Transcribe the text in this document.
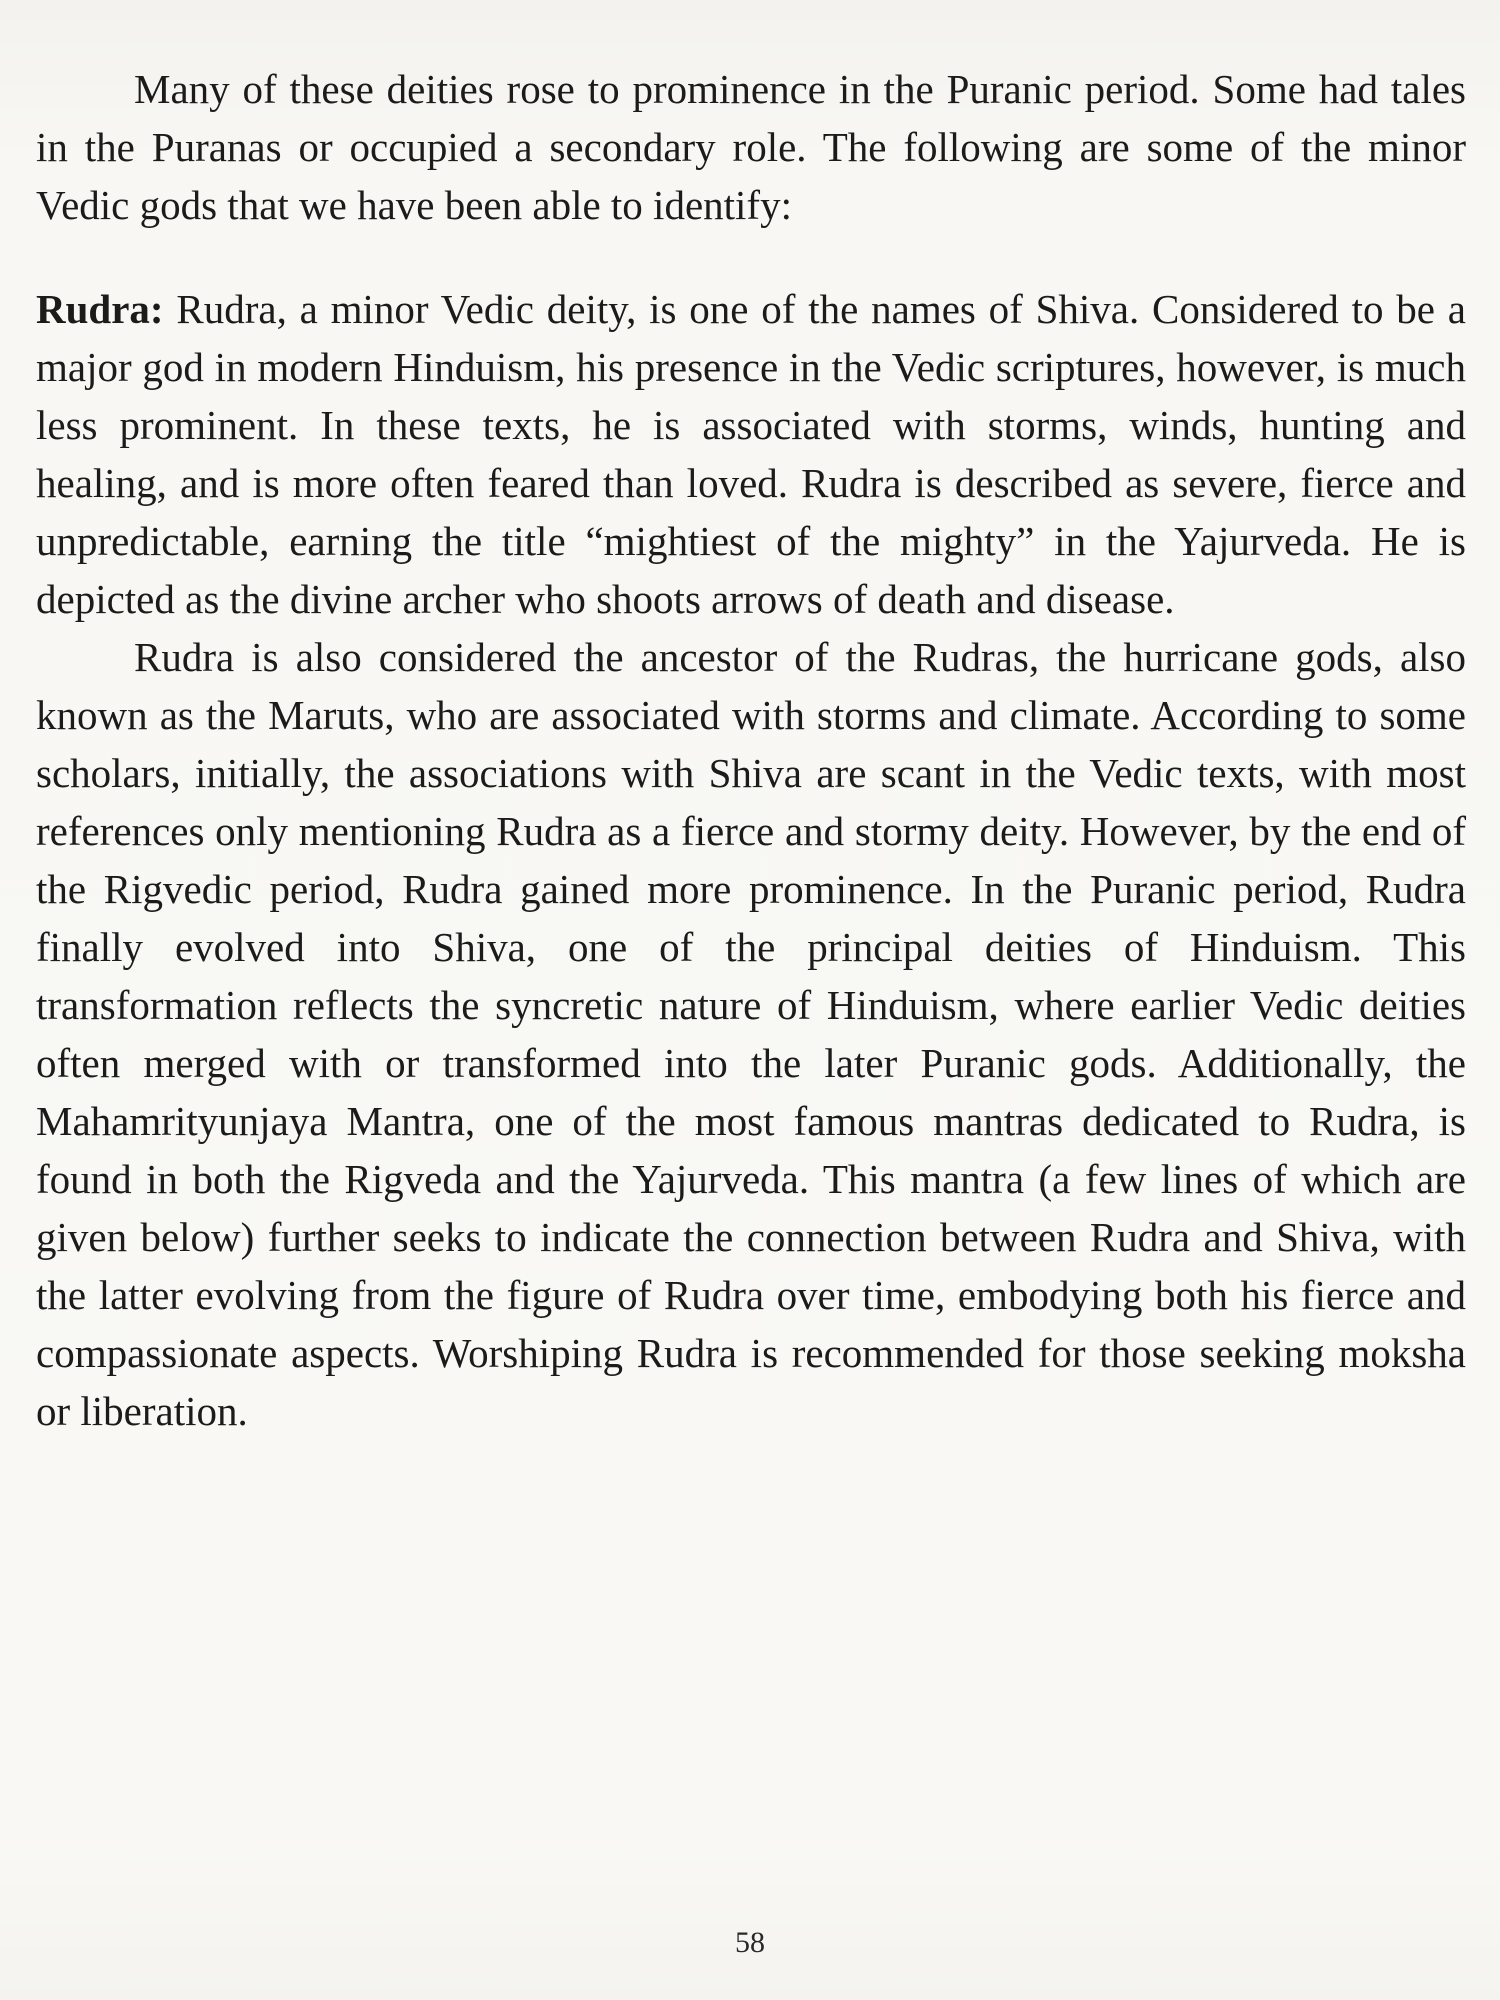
Many of these deities rose to prominence in the Puranic period. Some had tales in the Puranas or occupied a secondary role. The following are some of the minor Vedic gods that we have been able to identify:

Rudra: Rudra, a minor Vedic deity, is one of the names of Shiva. Considered to be a major god in modern Hinduism, his presence in the Vedic scriptures, however, is much less prominent. In these texts, he is associated with storms, winds, hunting and healing, and is more often feared than loved. Rudra is described as severe, fierce and unpredictable, earning the title “mightiest of the mighty” in the Yajurveda. He is depicted as the divine archer who shoots arrows of death and disease.

Rudra is also considered the ancestor of the Rudras, the hurricane gods, also known as the Maruts, who are associated with storms and climate. According to some scholars, initially, the associations with Shiva are scant in the Vedic texts, with most references only mentioning Rudra as a fierce and stormy deity. However, by the end of the Rigvedic period, Rudra gained more prominence. In the Puranic period, Rudra finally evolved into Shiva, one of the principal deities of Hinduism. This transformation reflects the syncretic nature of Hinduism, where earlier Vedic deities often merged with or transformed into the later Puranic gods. Additionally, the Mahamrityunjaya Mantra, one of the most famous mantras dedicated to Rudra, is found in both the Rigveda and the Yajurveda. This mantra (a few lines of which are given below) further seeks to indicate the connection between Rudra and Shiva, with the latter evolving from the figure of Rudra over time, embodying both his fierce and compassionate aspects. Worshiping Rudra is recommended for those seeking moksha or liberation.

58
